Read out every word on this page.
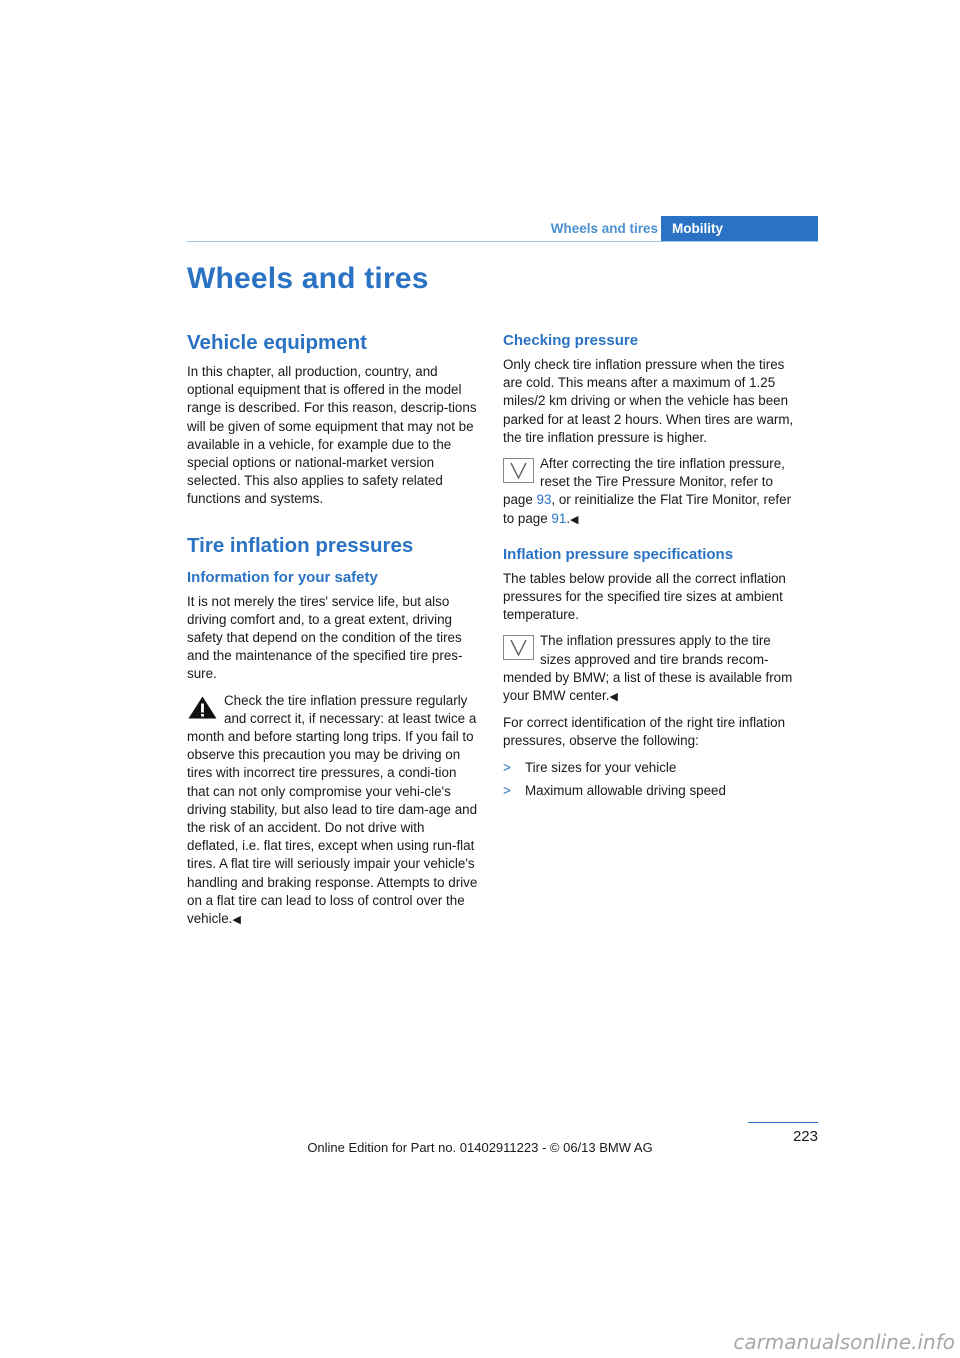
Wheels and tires	Mobility
Wheels and tires
Vehicle equipment

In this chapter, all production, country, and optional equipment that is offered in the model range is described. For this reason, descrip-tions will be given of some equipment that may not be available in a vehicle, for example due to the special options or national-market version selected. This also applies to safety related functions and systems.

Tire inflation pressures
Information for your safety

It is not merely the tires' service life, but also driving comfort and, to a great extent, driving safety that depend on the condition of the tires and the maintenance of the specified tire pres-sure.

Check the tire inflation pressure regularly

and correct it, if necessary: at least twice a

month and before starting long trips. If you fail to observe this precaution you may be driving on tires with incorrect tire pressures, a condi-tion that can not only compromise your vehi-cle's driving stability, but also lead to tire dam-age and the risk of an accident. Do not drive with deflated, i.e. flat tires, except when using run-flat tires. A flat tire will seriously impair your vehicle's handling and braking response. Attempts to drive on a flat tire can lead to loss of control over the vehicle.◀

Checking pressure

Only check tire inflation pressure when the tires are cold. This means after a maximum of 1.25 miles/2 km driving or when the vehicle has been parked for at least 2 hours. When tires are warm, the tire inflation pressure is higher.

After correcting the tire inflation pressure,

reset the Tire Pressure Monitor, refer to

page 93, or reinitialize the Flat Tire Monitor, refer to page 91.◀

Inflation pressure specifications

The tables below provide all the correct inflation pressures for the specified tire sizes at ambient temperature.

The inflation pressures apply to the tire

sizes approved and tire brands recom-

mended by BMW; a list of these is available from your BMW center.◀

For correct identification of the right tire inflation pressures, observe the following:

>	Tire sizes for your vehicle
>	Maximum allowable driving speed
223
Online Edition for Part no. 01402911223 - © 06/13 BMW AG
carmanualsonline.info
